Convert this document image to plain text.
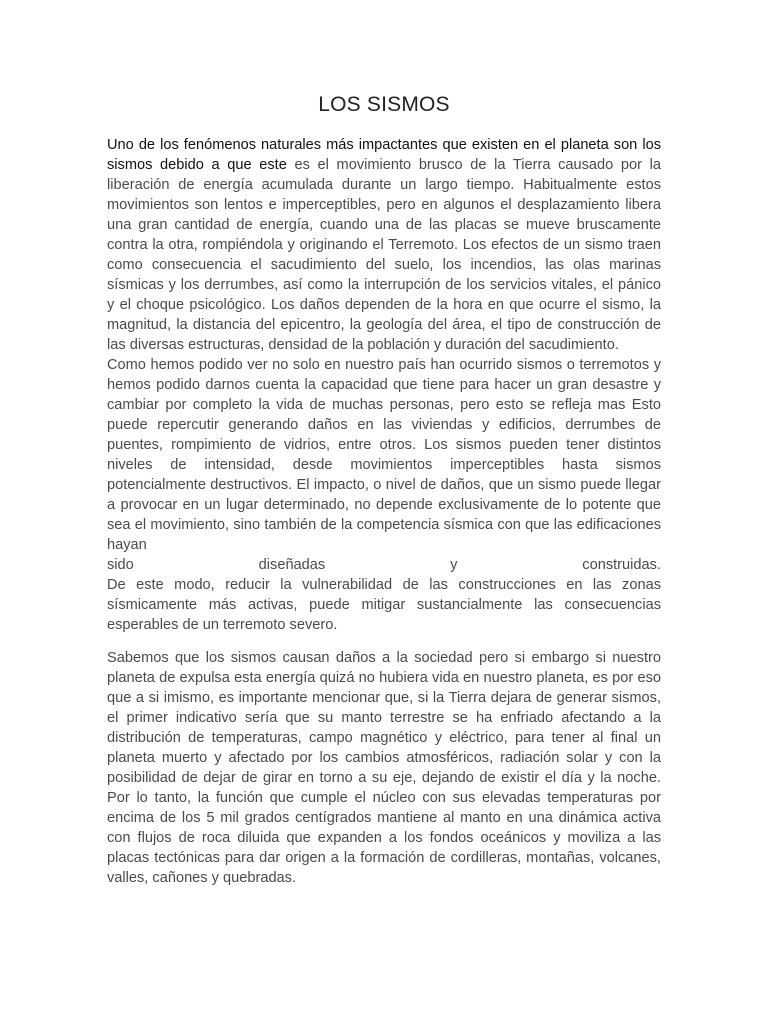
LOS SISMOS

Uno de los fenómenos naturales más impactantes que existen en el planeta son los sismos debido a que este es el movimiento brusco de la Tierra causado por la liberación de energía acumulada durante un largo tiempo. Habitualmente estos movimientos son lentos e imperceptibles, pero en algunos el desplazamiento libera una gran cantidad de energía, cuando una de las placas se mueve bruscamente contra la otra, rompiéndola y originando el Terremoto. Los efectos de un sismo traen como consecuencia el sacudimiento del suelo, los incendios, las olas marinas sísmicas y los derrumbes, así como la interrupción de los servicios vitales, el pánico y el choque psicológico. Los daños dependen de la hora en que ocurre el sismo, la magnitud, la distancia del epicentro, la geología del área, el tipo de construcción de las diversas estructuras, densidad de la población y duración del sacudimiento.

Como hemos podido ver no solo en nuestro país han ocurrido sismos o terremotos y hemos podido darnos cuenta la capacidad que tiene para hacer un gran desastre y cambiar por completo la vida de muchas personas, pero esto se refleja mas Esto puede repercutir generando daños en las viviendas y edificios, derrumbes de puentes, rompimiento de vidrios, entre otros. Los sismos pueden tener distintos niveles de intensidad, desde movimientos imperceptibles hasta sismos potencialmente destructivos. El impacto, o nivel de daños, que un sismo puede llegar a provocar en un lugar determinado, no depende exclusivamente de lo potente que sea el movimiento, sino también de la competencia sísmica con que las edificaciones hayan

sido	diseñadas	y	construidas.

De este modo, reducir la vulnerabilidad de las construcciones en las zonas sísmicamente más activas, puede mitigar sustancialmente las consecuencias esperables de un terremoto severo.

Sabemos que los sismos causan daños a la sociedad pero si embargo si nuestro planeta de expulsa esta energía quizá no hubiera vida en nuestro planeta, es por eso que a si imismo, es importante mencionar que, si la Tierra dejara de generar sismos, el primer indicativo sería que su manto terrestre se ha enfriado afectando a la distribución de temperaturas, campo magnético y eléctrico, para tener al final un planeta muerto y afectado por los cambios atmosféricos, radiación solar y con la posibilidad de dejar de girar en torno a su eje, dejando de existir el día y la noche. Por lo tanto, la función que cumple el núcleo con sus elevadas temperaturas por encima de los 5 mil grados centígrados mantiene al manto en una dinámica activa con flujos de roca diluida que expanden a los fondos oceánicos y moviliza a las placas tectónicas para dar origen a la formación de cordilleras, montañas, volcanes, valles, cañones y quebradas.
